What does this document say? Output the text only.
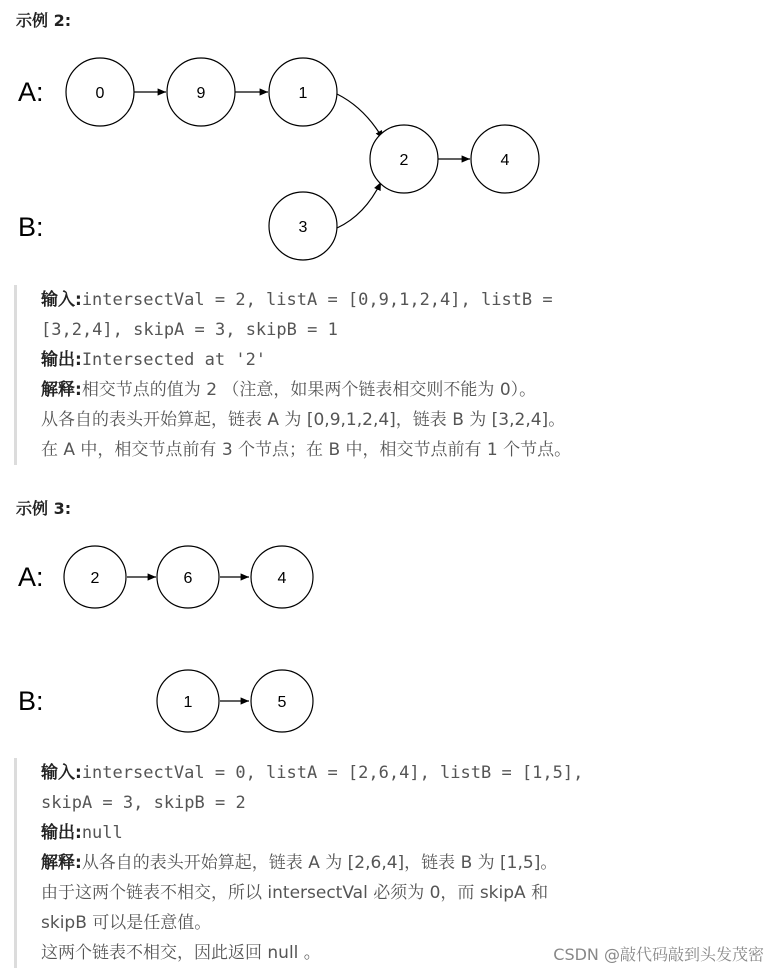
示例 2:
A:
B:
0	9	1
2	4
3
输入:intersectVal = 2, listA = [0,9,1,2,4], listB =
[3,2,4], skipA = 3, skipB = 1
输出:Intersected at '2'
解释:相交节点的值为 2 （注意，如果两个链表相交则不能为 0）。
从各自的表头开始算起，链表 A 为 [0,9,1,2,4]，链表 B 为 [3,2,4]。
在 A 中，相交节点前有 3 个节点；在 B 中，相交节点前有 1 个节点。
示例 3:
A:
B:
2	6	4
1	5
输入:intersectVal = 0, listA = [2,6,4], listB = [1,5],
skipA = 3, skipB = 2
输出:null
解释:从各自的表头开始算起，链表 A 为 [2,6,4]，链表 B 为 [1,5]。
由于这两个链表不相交，所以 intersectVal 必须为 0，而 skipA 和
skipB 可以是任意值。
这两个链表不相交，因此返回 null 。	CSDN @敲代码敲到头发茂密
